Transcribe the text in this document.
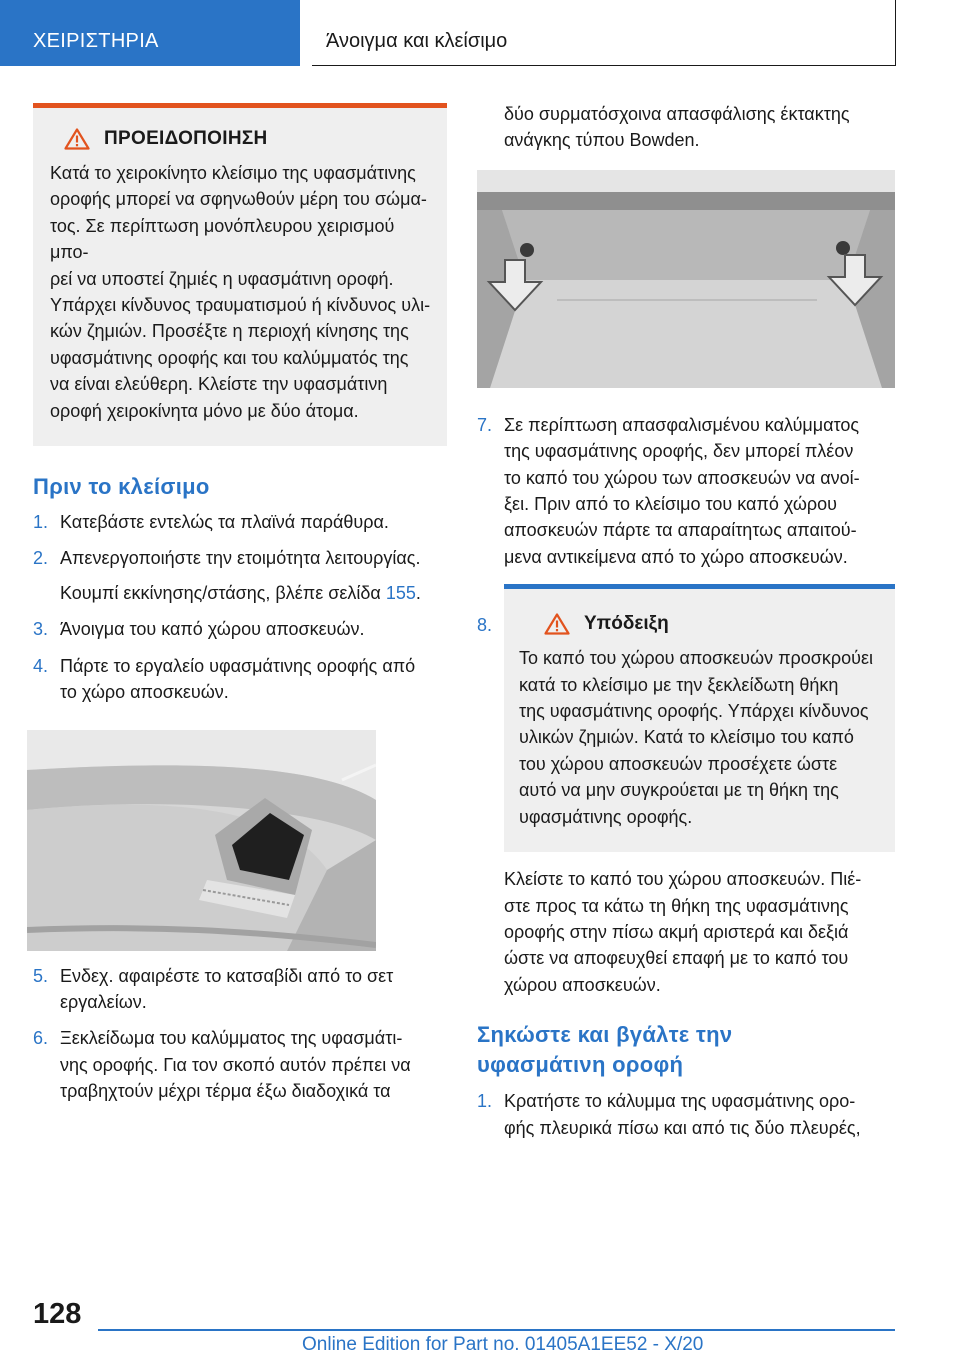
ΧΕΙΡΙΣΤΗΡΙΑ	Άνοιγμα και κλείσιμο
ΠΡΟΕΙΔΟΠΟΙΗΣΗ
Κατά το χειροκίνητο κλείσιμο της υφασμάτινης
οροφής μπορεί να σφηνωθούν μέρη του σώμα-
τος. Σε περίπτωση μονόπλευρου χειρισμού μπο-
ρεί να υποστεί ζημιές η υφασμάτινη οροφή.
Υπάρχει κίνδυνος τραυματισμού ή κίνδυνος υλι-
κών ζημιών. Προσέξτε η περιοχή κίνησης της
υφασμάτινης οροφής και του καλύμματός της
να είναι ελεύθερη. Κλείστε την υφασμάτινη
οροφή χειροκίνητα μόνο με δύο άτομα.
Πριν το κλείσιμο
1. Κατεβάστε εντελώς τα πλαϊνά παράθυρα.
2. Απενεργοποιήστε την ετοιμότητα λειτουργίας.
Κουμπί εκκίνησης/στάσης, βλέπε σελίδα 155.
3. Άνοιγμα του καπό χώρου αποσκευών.
4. Πάρτε το εργαλείο υφασμάτινης οροφής από
το χώρο αποσκευών.
5. Ενδεχ. αφαιρέστε το κατσαβίδι από το σετ
εργαλείων.
6. Ξεκλείδωμα του καλύμματος της υφασμάτι-
νης οροφής. Για τον σκοπό αυτόν πρέπει να
τραβηχτούν μέχρι τέρμα έξω διαδοχικά τα
δύο συρματόσχοινα απασφάλισης έκτακτης
ανάγκης τύπου Bowden.
7. Σε περίπτωση απασφαλισμένου καλύμματος
της υφασμάτινης οροφής, δεν μπορεί πλέον
το καπό του χώρου των αποσκευών να ανοί-
ξει. Πριν από το κλείσιμο του καπό χώρου
αποσκευών πάρτε τα απαραίτητως απαιτού-
μενα αντικείμενα από το χώρο αποσκευών.
8.	Υπόδειξη
Το καπό του χώρου αποσκευών προσκρούει
κατά το κλείσιμο με την ξεκλείδωτη θήκη
της υφασμάτινης οροφής. Υπάρχει κίνδυνος
υλικών ζημιών. Κατά το κλείσιμο του καπό
του χώρου αποσκευών προσέχετε ώστε
αυτό να μην συγκρούεται με τη θήκη της
υφασμάτινης οροφής.
Κλείστε το καπό του χώρου αποσκευών. Πιέ-
στε προς τα κάτω τη θήκη της υφασμάτινης
οροφής στην πίσω ακμή αριστερά και δεξιά
ώστε να αποφευχθεί επαφή με το καπό του
χώρου αποσκευών.
Σηκώστε και βγάλτε την
υφασμάτινη οροφή
1. Κρατήστε το κάλυμμα της υφασμάτινης ορο-
φής πλευρικά πίσω και από τις δύο πλευρές,
128
Online Edition for Part no. 01405A1EE52 - X/20
